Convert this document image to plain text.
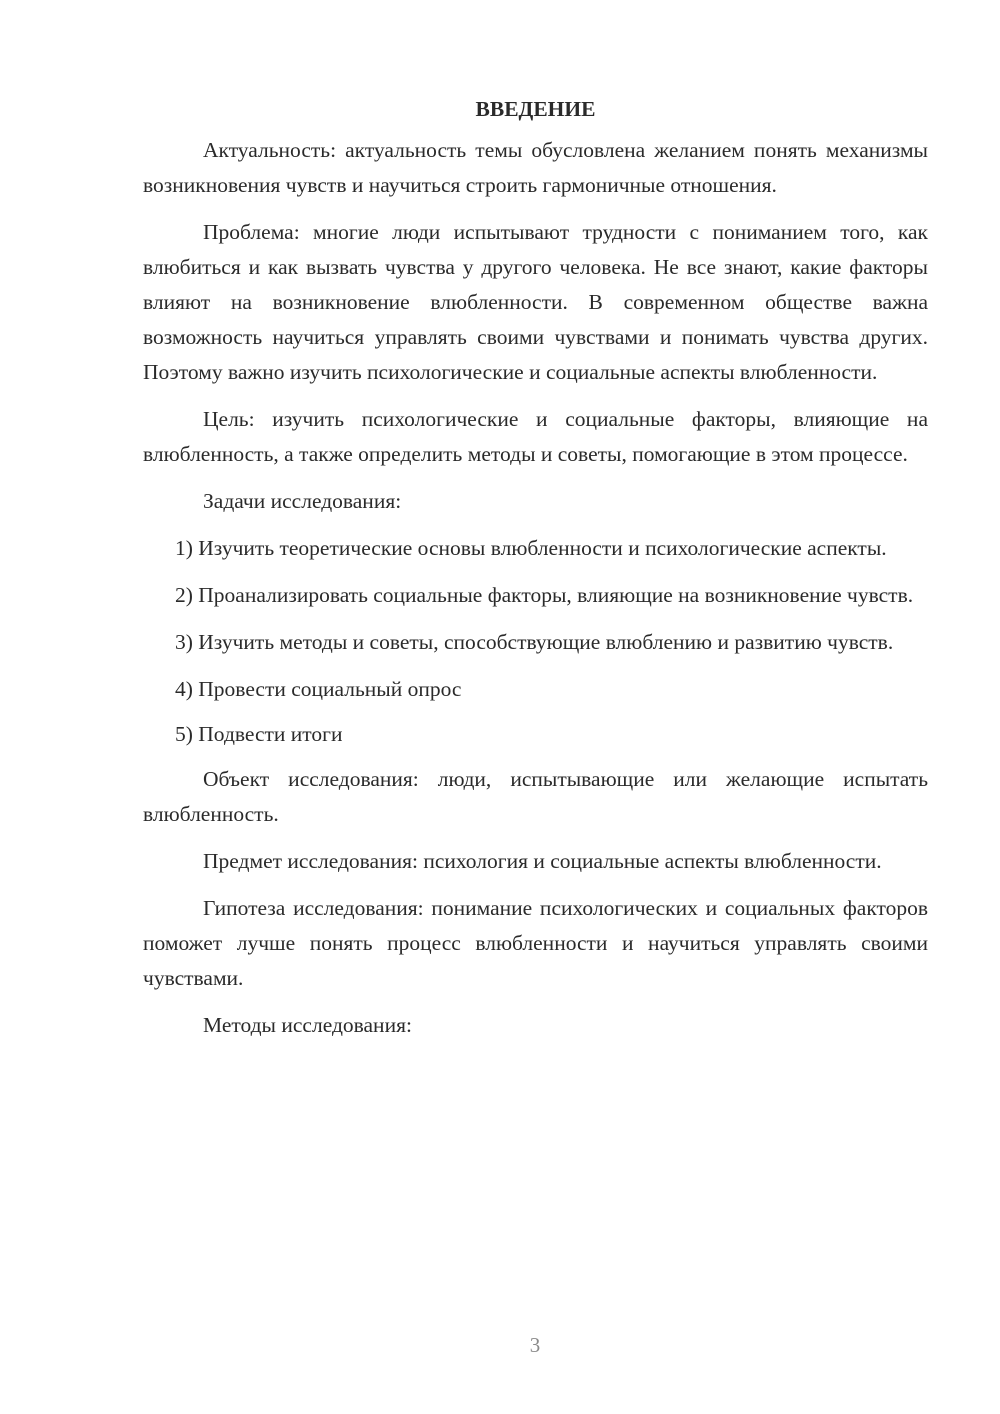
ВВЕДЕНИЕ

Актуальность: актуальность темы обусловлена желанием понять механизмы возникновения чувств и научиться строить гармоничные отношения.

Проблема: многие люди испытывают трудности с пониманием того, как влюбиться и как вызвать чувства у другого человека. Не все знают, какие факторы влияют на возникновение влюбленности. В современном обществе важна возможность научиться управлять своими чувствами и понимать чувства других. Поэтому важно изучить психологические и социальные аспекты влюбленности.

Цель: изучить психологические и социальные факторы, влияющие на влюбленность, а также определить методы и советы, помогающие в этом процессе.

Задачи исследования:

1) Изучить теоретические основы влюбленности и психологические аспекты.

2) Проанализировать социальные факторы, влияющие на возникновение чувств.

3) Изучить методы и советы, способствующие влюблению и развитию чувств.

4) Провести социальный опрос

5) Подвести итоги

Объект исследования: люди, испытывающие или желающие испытать влюбленность.

Предмет исследования: психология и социальные аспекты влюбленности.

Гипотеза исследования: понимание психологических и социальных факторов поможет лучше понять процесс влюбленности и научиться управлять своими чувствами.

Методы исследования:

3
